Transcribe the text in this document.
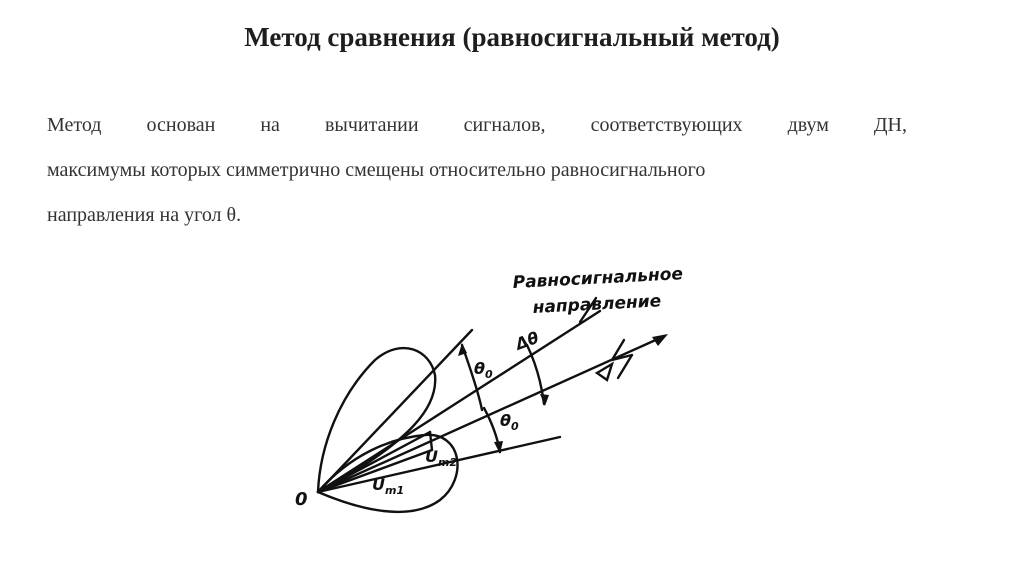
Метод сравнения (равносигнальный метод)
Метод основан на вычитании сигналов, соответствующих двум ДН,
максимумы которых симметрично смещены относительно равносигнального
направления на угол θ.
Равносигнальное
направление
0
$\theta_0$
$\theta_0$
Δθ
$U_{m2}$
$U_{m1}$
